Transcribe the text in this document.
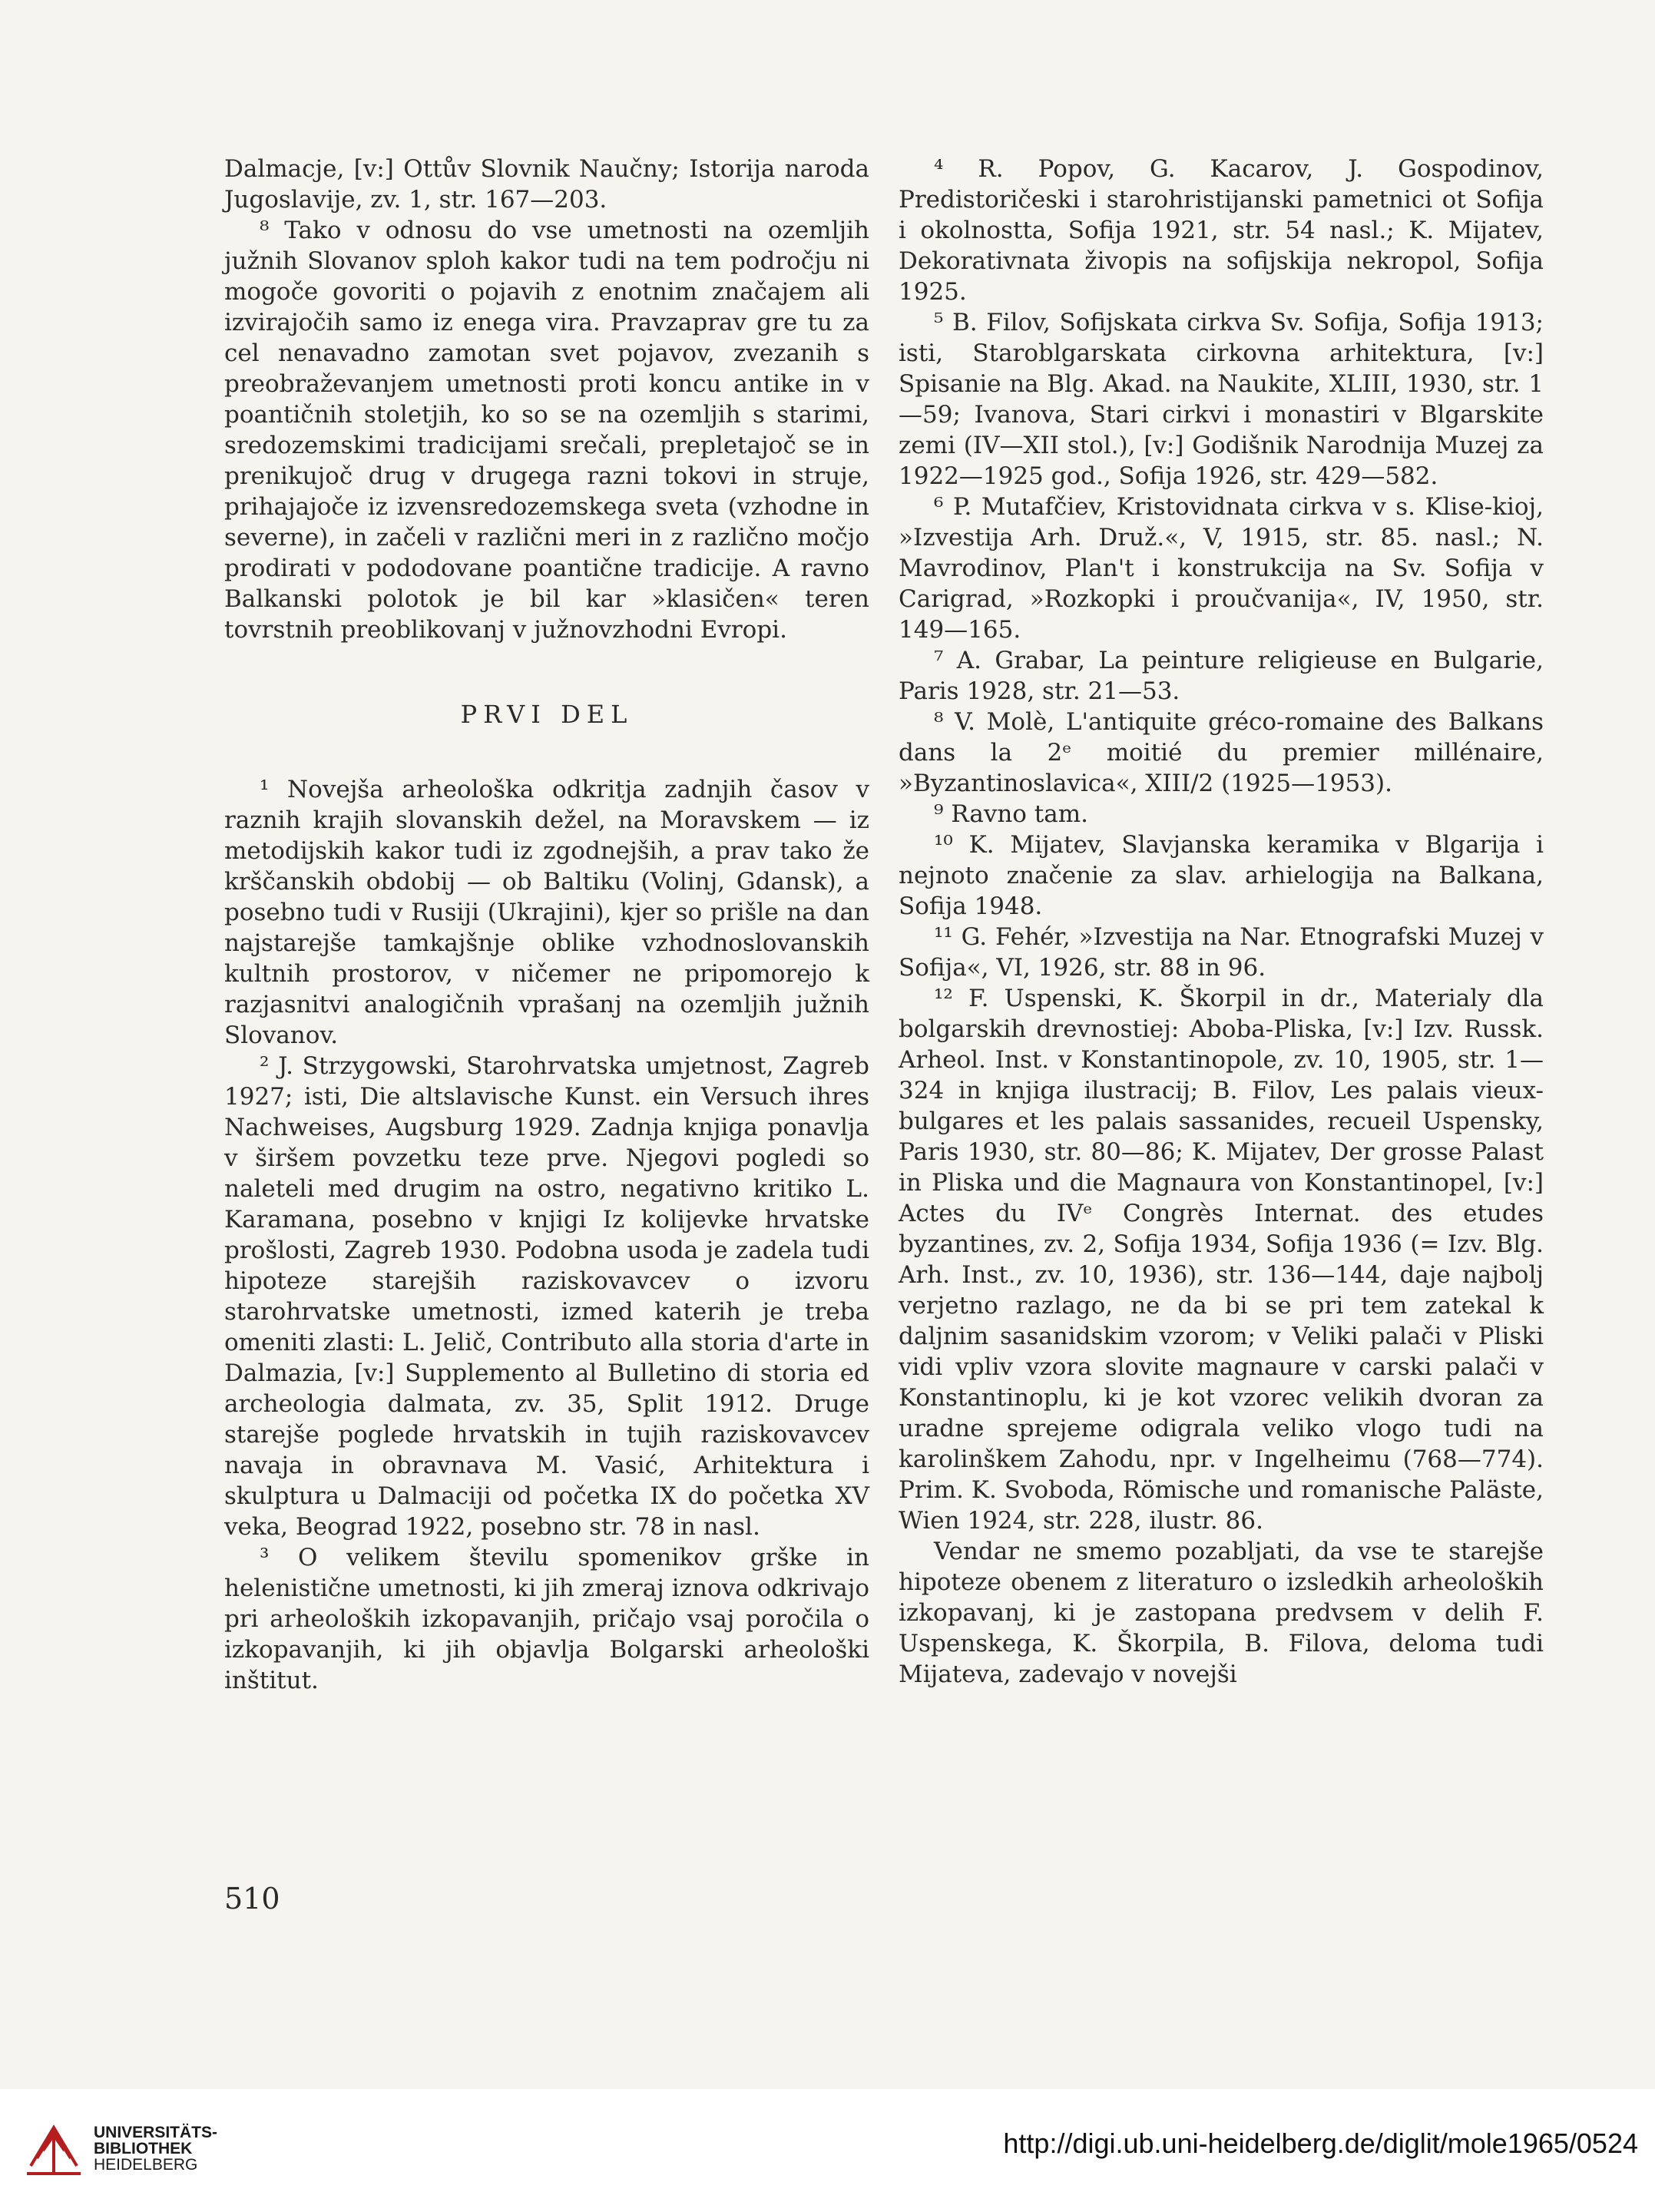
Dalmacje, [v:] Ottův Slovnik Naučny; Istorija naroda Jugoslavije, zv. 1, str. 167—203.

⁸ Tako v odnosu do vse umetnosti na ozemljih južnih Slovanov sploh kakor tudi na tem področju ni mogoče govoriti o pojavih z enotnim značajem ali izvirajočih samo iz enega vira. Pravzaprav gre tu za cel nenavadno zamotan svet pojavov, zvezanih s preobraževanjem umetnosti proti koncu antike in v poantičnih stoletjih, ko so se na ozemljih s starimi, sredozemskimi tradicijami srečali, prepletajoč se in prenikujoč drug v drugega razni tokovi in struje, prihajajoče iz izvensredozemskega sveta (vzhodne in severne), in začeli v različni meri in z različno močjo prodirati v pododovane poantične tradicije. A ravno Balkanski polotok je bil kar »klasičen« teren tovrstnih preoblikovanj v južnovzhodni Evropi.

PRVI DEL

¹ Novejša arheološka odkritja zadnjih časov v raznih krajih slovanskih dežel, na Moravskem — iz metodijskih kakor tudi iz zgodnejših, a prav tako že krščanskih obdobij — ob Baltiku (Volinj, Gdansk), a posebno tudi v Rusiji (Ukrajini), kjer so prišle na dan najstarejše tamkajšnje oblike vzhodnoslovanskih kultnih prostorov, v ničemer ne pripomorejo k razjasnitvi analogičnih vprašanj na ozemljih južnih Slovanov.

² J. Strzygowski, Starohrvatska umjetnost, Zagreb 1927; isti, Die altslavische Kunst. ein Versuch ihres Nachweises, Augsburg 1929. Zadnja knjiga ponavlja v širšem povzetku teze prve. Njegovi pogledi so naleteli med drugim na ostro, negativno kritiko L. Karamana, posebno v knjigi Iz kolijevke hrvatske prošlosti, Zagreb 1930. Podobna usoda je zadela tudi hipoteze starejših raziskovavcev o izvoru starohrvatske umetnosti, izmed katerih je treba omeniti zlasti: L. Jelič, Contributo alla storia d'arte in Dalmazia, [v:] Supplemento al Bulletino di storia ed archeologia dalmata, zv. 35, Split 1912. Druge starejše poglede hrvatskih in tujih raziskovavcev navaja in obravnava M. Vasić, Arhitektura i skulptura u Dalmaciji od početka IX do početka XV veka, Beograd 1922, posebno str. 78 in nasl.

³ O velikem številu spomenikov grške in helenistične umetnosti, ki jih zmeraj iznova odkrivajo pri arheoloških izkopavanjih, pričajo vsaj poročila o izkopavanjih, ki jih objavlja Bolgarski arheološki inštitut.

⁴ R. Popov, G. Kacarov, J. Gospodinov, Predistoričeski i starohristijanski pametnici ot Sofija i okolnostta, Sofija 1921, str. 54 nasl.; K. Mijatev, Dekorativnata živopis na sofijskija nekropol, Sofija 1925.

⁵ B. Filov, Sofijskata cirkva Sv. Sofija, Sofija 1913; isti, Staroblgarskata cirkovna arhitektura, [v:] Spisanie na Blg. Akad. na Naukite, XLIII, 1930, str. 1—59; Ivanova, Stari cirkvi i monastiri v Blgarskite zemi (IV—XII stol.), [v:] Godišnik Narodnija Muzej za 1922—1925 god., Sofija 1926, str. 429—582.

⁶ P. Mutafčiev, Kristovidnata cirkva v s. Klise-kioj, »Izvestija Arh. Druž.«, V, 1915, str. 85. nasl.; N. Mavrodinov, Plan't i konstrukcija na Sv. Sofija v Carigrad, »Rozkopki i proučvanija«, IV, 1950, str. 149—165.

⁷ A. Grabar, La peinture religieuse en Bulgarie, Paris 1928, str. 21—53.

⁸ V. Molè, L'antiquite gréco-romaine des Balkans dans la 2ᵉ moitié du premier millénaire, »Byzantinoslavica«, XIII/2 (1925—1953).

⁹ Ravno tam.

¹⁰ K. Mijatev, Slavjanska keramika v Blgarija i nejnoto značenie za slav. arhielogija na Balkana, Sofija 1948.

¹¹ G. Fehér, »Izvestija na Nar. Etnografski Muzej v Sofija«, VI, 1926, str. 88 in 96.

¹² F. Uspenski, K. Škorpil in dr., Materialy dla bolgarskih drevnostiej: Aboba-Pliska, [v:] Izv. Russk. Arheol. Inst. v Konstantinopole, zv. 10, 1905, str. 1—324 in knjiga ilustracij; B. Filov, Les palais vieux-bulgares et les palais sassanides, recueil Uspensky, Paris 1930, str. 80—86; K. Mijatev, Der grosse Palast in Pliska und die Magnaura von Konstantinopel, [v:] Actes du IVᵉ Congrès Internat. des etudes byzantines, zv. 2, Sofija 1934, Sofija 1936 (= Izv. Blg. Arh. Inst., zv. 10, 1936), str. 136—144, daje najbolj verjetno razlago, ne da bi se pri tem zatekal k daljnim sasanidskim vzorom; v Veliki palači v Pliski vidi vpliv vzora slovite magnaure v carski palači v Konstantinoplu, ki je kot vzorec velikih dvoran za uradne sprejeme odigrala veliko vlogo tudi na karolinškem Zahodu, npr. v Ingelheimu (768—774). Prim. K. Svoboda, Römische und romanische Paläste, Wien 1924, str. 228, ilustr. 86.

Vendar ne smemo pozabljati, da vse te starejše hipoteze obenem z literaturo o izsledkih arheoloških izkopavanj, ki je zastopana predvsem v delih F. Uspenskega, K. Škorpila, B. Filova, deloma tudi Mijateva, zadevajo v novejši

510
UNIVERSITÄTS-
BIBLIOTHEK
HEIDELBERG
http://digi.ub.uni-heidelberg.de/diglit/mole1965/0524
